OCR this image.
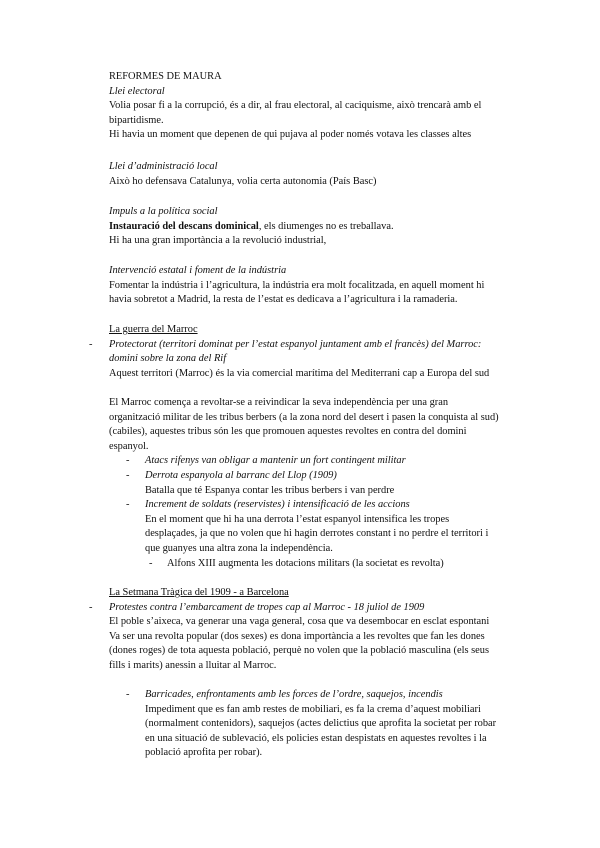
REFORMES DE MAURA

Llei electoral

Volia posar fi a la corrupció, és a dir, al frau electoral, al caciquisme, això trencarà amb el

bipartidisme.

Hi havia un moment que depenen de qui pujava al poder només votava les classes altes

Llei d’administració local

Això ho defensava Catalunya, volia certa autonomia (País Basc)

Impuls a la política social

Instauració del descans dominical, els diumenges no es treballava.

Hi ha una gran importància a la revolució industrial,

Intervenció estatal i foment de la indústria

Fomentar la indústria i l’agricultura, la indústria era molt focalitzada, en aquell moment hi

havia sobretot a Madrid, la resta de l’estat es dedicava a l’agricultura i la ramaderia.

La guerra del Marroc

- Protectorat (territori dominat per l’estat espanyol juntament amb el francès) del Marroc:

domini sobre la zona del Rif

Aquest territori (Marroc) és la via comercial marítima del Mediterrani cap a Europa del sud

El Marroc comença a revoltar-se a reivindicar la seva independència per una gran

organització militar de les tribus berbers (a la zona nord del desert i pasen la conquista al sud)

(cabiles), aquestes tribus són les que promouen aquestes revoltes en contra del domini

espanyol.

- Atacs rifenys van obligar a mantenir un fort contingent militar

- Derrota espanyola al barranc del Llop (1909)

Batalla que té Espanya contar les tribus berbers i van perdre

- Increment de soldats (reservistes) i intensificació de les accions

En el moment que hi ha una derrota l’estat espanyol intensifica les tropes

desplaçades, ja que no volen que hi hagin derrotes constant i no perdre el territori i

que guanyes una altra zona la independència.

- Alfons XIII augmenta les dotacions militars (la societat es revolta)

La Setmana Tràgica del 1909 - a Barcelona

- Protestes contra l’embarcament de tropes cap al Marroc - 18 juliol de 1909

El poble s’aixeca, va generar una vaga general, cosa que va desembocar en esclat espontani

Va ser una revolta popular (dos sexes) es dona importància a les revoltes que fan les dones

(dones roges) de tota aquesta població, perquè no volen que la població masculina (els seus

fills i marits) anessin a lluitar al Marroc.

- Barricades, enfrontaments amb les forces de l’ordre, saquejos, incendis

Impediment que es fan amb restes de mobiliari, es fa la crema d’aquest mobiliari

(normalment contenidors), saquejos (actes delictius que aprofita la societat per robar

en una situació de sublevació, els policies estan despistats en aquestes revoltes i la

població aprofita per robar).
